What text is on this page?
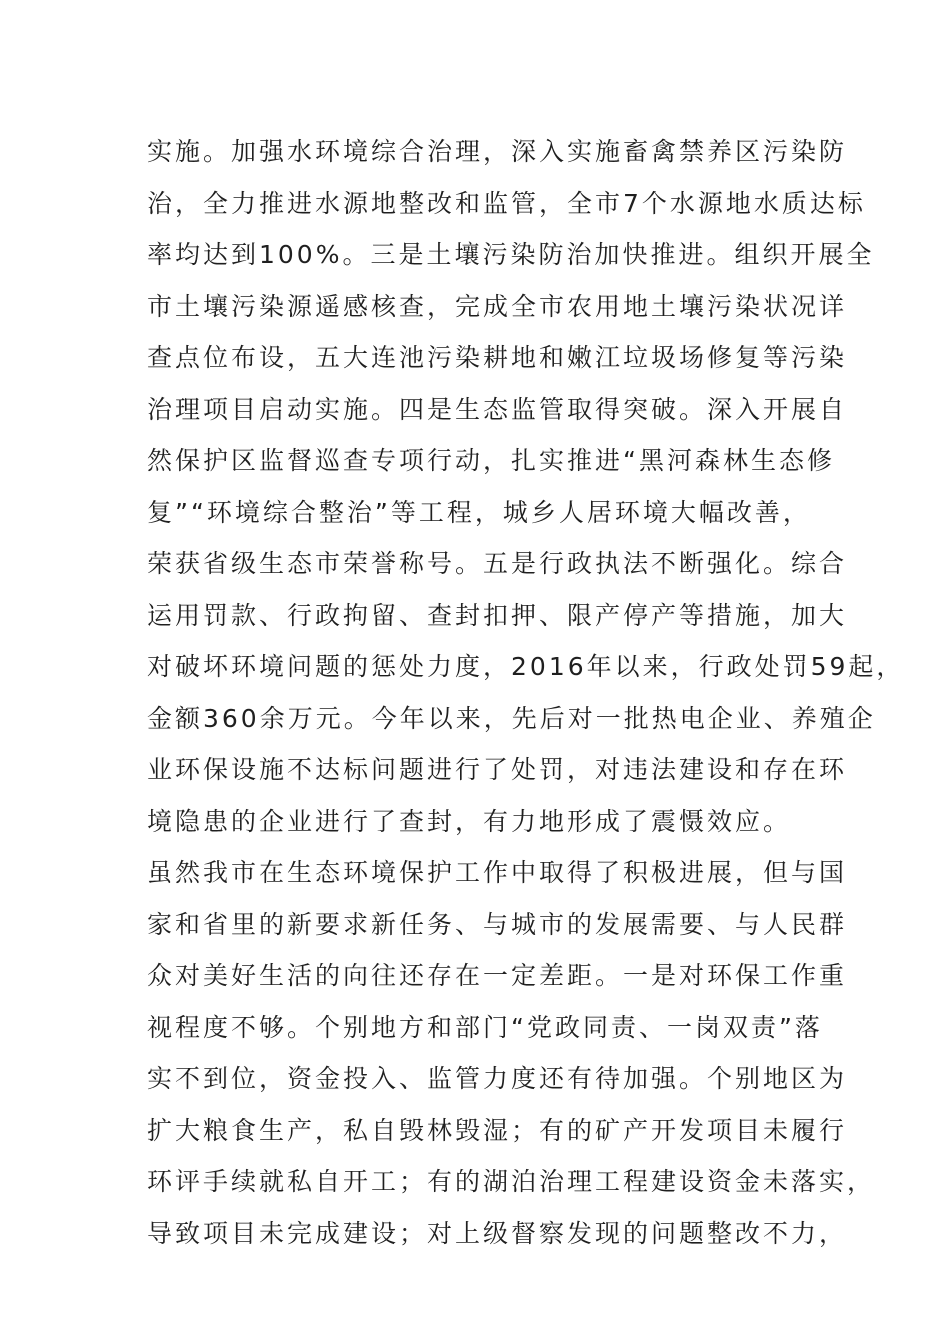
实施。加强水环境综合治理，深入实施畜禽禁养区污染防
治，全力推进水源地整改和监管，全市7个水源地水质达标
率均达到100%。三是土壤污染防治加快推进。组织开展全
市土壤污染源遥感核查，完成全市农用地土壤污染状况详
查点位布设，五大连池污染耕地和嫩江垃圾场修复等污染
治理项目启动实施。四是生态监管取得突破。深入开展自
然保护区监督巡查专项行动，扎实推进“黑河森林生态修
复”“环境综合整治”等工程，城乡人居环境大幅改善，
荣获省级生态市荣誉称号。五是行政执法不断强化。综合
运用罚款、行政拘留、查封扣押、限产停产等措施，加大
对破坏环境问题的惩处力度，2016年以来，行政处罚59起，
金额360余万元。今年以来，先后对一批热电企业、养殖企
业环保设施不达标问题进行了处罚，对违法建设和存在环
境隐患的企业进行了查封，有力地形成了震慑效应。
虽然我市在生态环境保护工作中取得了积极进展，但与国
家和省里的新要求新任务、与城市的发展需要、与人民群
众对美好生活的向往还存在一定差距。一是对环保工作重
视程度不够。个别地方和部门“党政同责、一岗双责”落
实不到位，资金投入、监管力度还有待加强。个别地区为
扩大粮食生产，私自毁林毁湿；有的矿产开发项目未履行
环评手续就私自开工；有的湖泊治理工程建设资金未落实，
导致项目未完成建设；对上级督察发现的问题整改不力，
